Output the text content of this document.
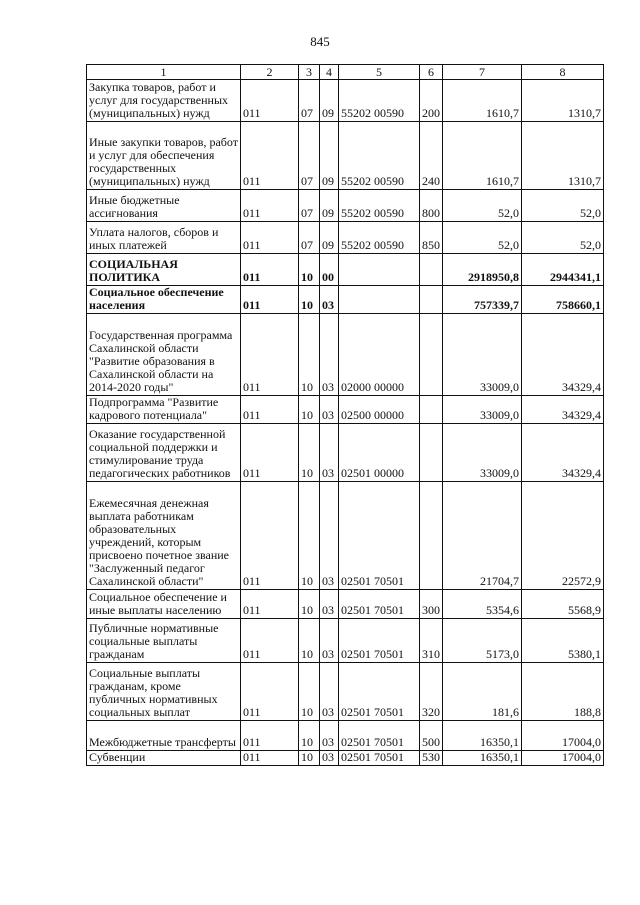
845
1	2	3	4	5	6	7	8
Закупка товаров, работ и услуг для государственных (муниципальных) нужд	011	07	09	55202 00590	200	1610,7	1310,7
Иные закупки товаров, работ и услуг для обеспечения государственных (муниципальных) нужд	011	07	09	55202 00590	240	1610,7	1310,7
Иные бюджетные ассигнования	011	07	09	55202 00590	800	52,0	52,0
Уплата налогов, сборов и иных платежей	011	07	09	55202 00590	850	52,0	52,0
СОЦИАЛЬНАЯ ПОЛИТИКА	011	10	00			2918950,8	2944341,1
Социальное обеспечение населения	011	10	03			757339,7	758660,1
Государственная программа Сахалинской области "Развитие образования в Сахалинской области на 2014-2020 годы"	011	10	03	02000 00000		33009,0	34329,4
Подпрограмма "Развитие кадрового потенциала"	011	10	03	02500 00000		33009,0	34329,4
Оказание государственной социальной поддержки и стимулирование труда педагогических работников	011	10	03	02501 00000		33009,0	34329,4
Ежемесячная денежная выплата работникам образовательных учреждений, которым присвоено почетное звание "Заслуженный педагог Сахалинской области"	011	10	03	02501 70501		21704,7	22572,9
Социальное обеспечение и иные выплаты населению	011	10	03	02501 70501	300	5354,6	5568,9
Публичные нормативные социальные выплаты гражданам	011	10	03	02501 70501	310	5173,0	5380,1
Социальные выплаты гражданам, кроме публичных нормативных социальных выплат	011	10	03	02501 70501	320	181,6	188,8
Межбюджетные трансферты	011	10	03	02501 70501	500	16350,1	17004,0
Субвенции	011	10	03	02501 70501	530	16350,1	17004,0
